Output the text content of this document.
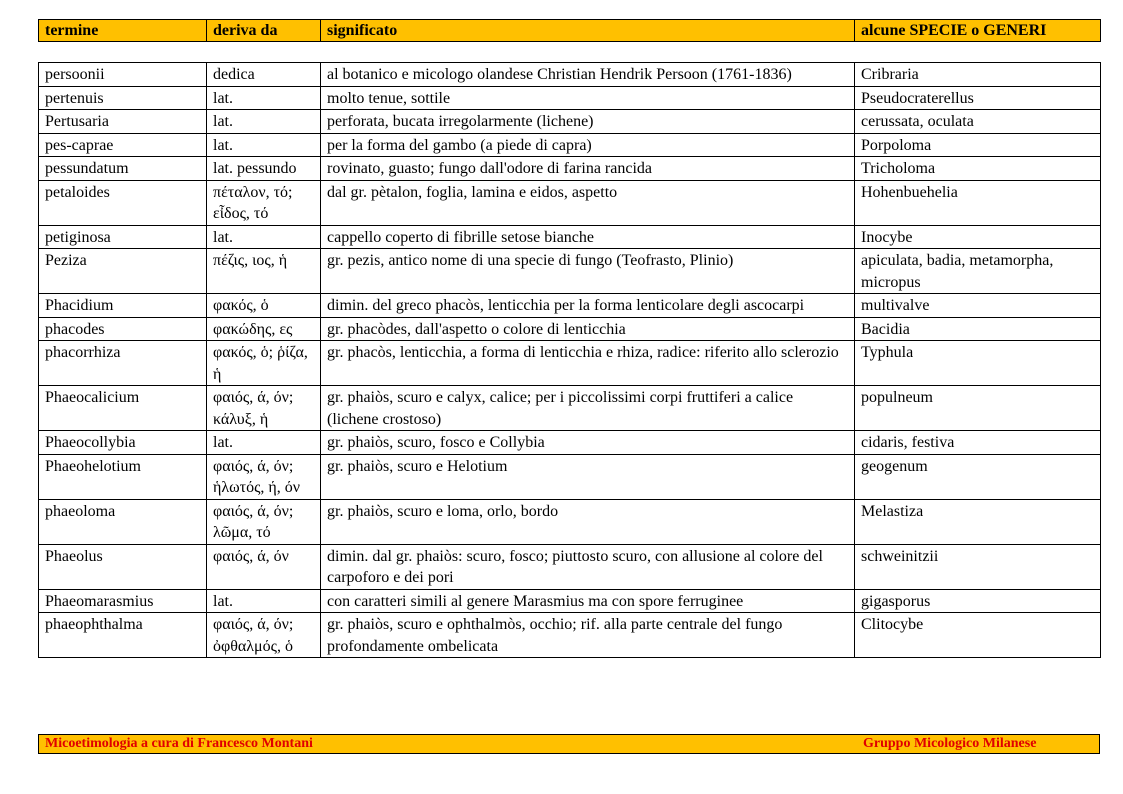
termine	deriva da	significato	alcune SPECIE o GENERI
persoonii	dedica	al botanico e micologo olandese Christian Hendrik Persoon (1761-1836)	Cribraria
pertenuis	lat.	molto tenue, sottile	Pseudocraterellus
Pertusaria	lat.	perforata, bucata irregolarmente (lichene)	cerussata, oculata
pes-caprae	lat.	per la forma del gambo (a piede di capra)	Porpoloma
pessundatum	lat. pessundo	rovinato, guasto; fungo dall'odore di farina rancida	Tricholoma
petaloides	πέταλον, τό; εἶδος, τό	dal gr. pètalon, foglia, lamina e eidos, aspetto	Hohenbuehelia
petiginosa	lat.	cappello coperto di fibrille setose bianche	Inocybe
Peziza	πέζις, ιος, ἡ	gr. pezis, antico nome di una specie di fungo (Teofrasto, Plinio)	apiculata, badia, metamorpha, micropus
Phacidium	φακός, ὁ	dimin. del greco phacòs, lenticchia per la forma lenticolare degli ascocarpi	multivalve
phacodes	φακώδης, ες	gr. phacòdes, dall'aspetto o colore di lenticchia	Bacidia
phacorrhiza	φακός, ὁ; ῥίζα, ἡ	gr. phacòs, lenticchia, a forma di lenticchia e rhiza, radice: riferito allo sclerozio	Typhula
Phaeocalicium	φαιός, ά, όν; κάλυξ, ἡ	gr. phaiòs, scuro e calyx, calice; per i piccolissimi corpi fruttiferi a calice (lichene crostoso)	populneum
Phaeocollybia	lat.	gr. phaiòs, scuro, fosco e Collybia	cidaris, festiva
Phaeohelotium	φαιός, ά, όν; ἡλωτός, ή, όν	gr. phaiòs, scuro e Helotium	geogenum
phaeoloma	φαιός, ά, όν; λῶμα, τό	gr. phaiòs, scuro e loma, orlo, bordo	Melastiza
Phaeolus	φαιός, ά, όν	dimin. dal gr. phaiòs: scuro, fosco; piuttosto scuro, con allusione al colore del carpoforo e dei pori	schweinitzii
Phaeomarasmius	lat.	con caratteri simili al genere Marasmius ma con spore ferruginee	gigasporus
phaeophthalma	φαιός, ά, όν; ὀφθαλμός, ὁ	gr. phaiòs, scuro e ophthalmòs, occhio; rif. alla parte centrale del fungo profondamente ombelicata	Clitocybe
Micoetimologia a cura di Francesco Montani	Gruppo Micologico Milanese
